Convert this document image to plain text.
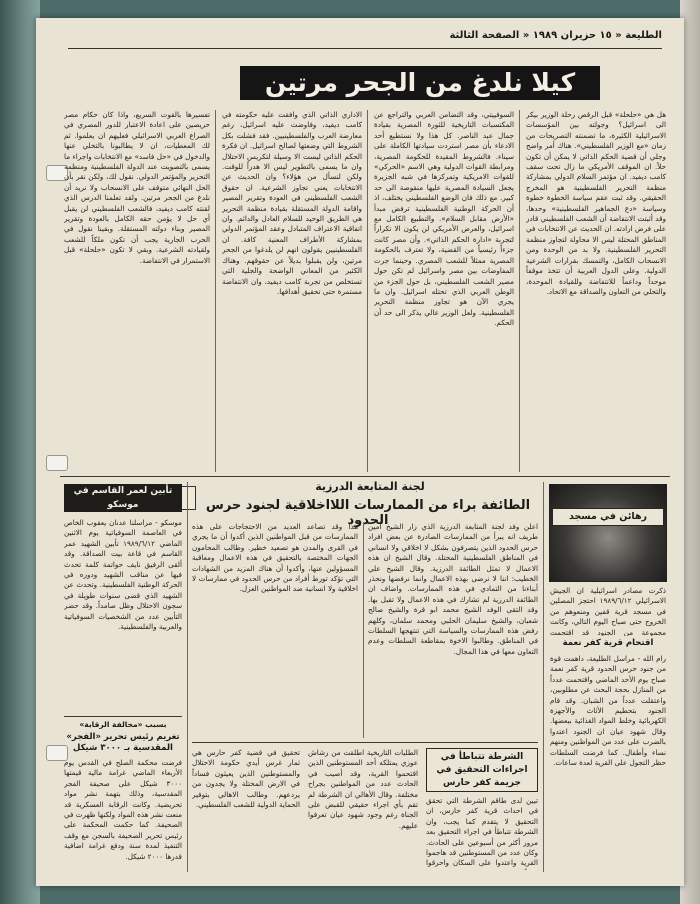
الطليعة « ١٥ حزيران ١٩٨٩ « الصفحة الثالثة
كيلا نلدغ من الجحر مرتين
هل هي «حلحلة» قبل الرقص رحلة الوزير بيكر الى اسرائيل؟ وجولته بين المؤسسات الاسرائيلية الكثيرة، ما تضمنته التصريحات من زمان «مع الوزير الفلسطيني». هناك أمر واضح وجلي أن قضية الحكم الذاتي لا يمكن أن تكون حلاً. ان الموقف الأمريكي ما زال تحت سقف كامب ديفيد. ان مؤتمر السلام الدولي بمشاركة منظمة التحرير الفلسطينية هو المخرج الحقيقي. وقد ثبت عقم سياسة الخطوة خطوة وسياسة «دع الجماهير الفلسطينية» وحدها، وقد أثبتت الانتفاضة أن الشعب الفلسطيني قادر على فرض ارادته. ان الحديث عن الانتخابات في المناطق المحتلة ليس الا محاولة لتجاوز منظمة التحرير الفلسطينية. ولا بد من الوحدة ومن الانسحاب الكامل، والتمسك بقرارات الشرعية الدولية. وعلى الدول العربية أن تتخذ موقفاً موحداً وداعماً للانتفاضة وللقيادة الموحدة، والتحلي من التعاون والصداقة مع الاتحاد.
السوفييتي، وقد التضامن العربي والتراجع عن المكتسبات التاريخية للثورة المصرية بقيادة جمال عبد الناصر. كل هذا ولا نستطيع أحد الادعاء بأن مصر استردت سيادتها الكاملة على سيناء. فالشروط المقيدة للحكومة المصرية، ومرابطة القوات الدولية وهي الاسم «الحركي» للقوات الامريكية وتمركزها في شبه الجزيرة يجعل السيادة المصرية عليها منقوصة الى حد كبير. مع ذلك فان الوضع الفلسطيني يختلف، اذ أن الحركة الوطنية الفلسطينية ترفض مبدأ «الأرض مقابل السلام». والتطبيع الكامل مع اسرائيل، والعرض الأمريكي لن يكون الا تكراراً لتجربة «ادارة الحكم الذاتي». وأن مصر كانت جزءاً رئيسياً من القضية، ولا تعترف بالحكومة المصرية ممثلاً للشعب المصري. وحينما جرت المفاوضات بين مصر واسرائيل لم تكن حول مصير الشعب الفلسطيني، بل حول الجزء من الوطن العربي الذي تحتله اسرائيل. وان ما يجري الآن هو تجاوز منظمة التحرير الفلسطينية. ولعل الوزير غالي يذكر الى حد أن الحكم.
الاداري الذاتي الذي وافقت عليه حكومته في كامب ديفيد، وفاوضت عليه اسرائيل، رغم معارضة العرب والفلسطينيين. فقد فشلت بكل الشروط التي وضعتها لصالح اسرائيل. ان فكرة الحكم الذاتي ليست الا وسيلة لتكريس الاحتلال وان ما يسمى بالتطوير ليس الا هدراً للوقت. ولكن لنسأل من هؤلاء؟ وان الحديث عن الانتخابات يعني تجاوز الشرعية. ان حقوق الشعب الفلسطيني في العودة وتقرير المصير واقامة الدولة المستقلة بقيادة منظمة التحرير هي الطريق الوحيد للسلام العادل والدائم. وان اتفاقية الاعتراف المتبادل وعقد المؤتمر الدولي بمشاركة الأطراف المعنية كافة. ان الفلسطينيين يقولون انهم لن يلدغوا من الجحر مرتين، ولن يقبلوا بديلاً عن حقوقهم. وهناك الكثير من المعاني الواضحة والجلية التي تستخلص من تجربة كامب ديفيد، وان الانتفاضة مستمرة حتى تحقيق أهدافها.
تفسيرها بالقوت السريع، واذا كان حكام مصر حريصين على اعادة الاعتبار للدور المصري في الصراع العربي الاسرائيلي فعليهم ان يعلموا. ثم لك المعطيات، ان لا يطالبونا بالتخلي عنها والدخول في «حل فاسد» مع الانتخابات واجراء ما يسمى بالتصويت عند الدولة الفلسطينية ومنظمة التحرير والمؤتمر الدولي. نقول لك، ولكن نقر بأن الحل النهائي متوقف على الانسحاب ولا نريد أن نلدغ من الجحر مرتين. ولقد تعلمنا الدرس الذي لقنته كامب ديفيد، فالشعب الفلسطيني لن يقبل أي حل لا يؤمن حقه الكامل بالعودة وتقرير المصير وبناء دولته المستقلة. وبقينا نقول في الحرب الجارية يجب أن تكون ملكاً للشعب ولقيادته الشرعية. وبقي لا تكون «حلحلة» قبل الاستمرار في الانتفاضة.
رهائن في مسجد
ذكرت مصادر اسرائيلية ان الجيش الاسرائيلي ١٩٨٩/٦/١٢ احتجز المصلين في مسجد قرية قفين ومنعوهم من الخروج حتى صباح اليوم التالي، وكانت مجموعة من الجنود قد اقتحمت
اقتحام قرية كفر نعمة
رام الله - مراسل الطليعة، داهمت قوة من جنود حرس الحدود قرية كفر نعمة صباح يوم الأحد الماضي واقتحمت عدداً من المنازل بحجة البحث عن مطلوبين، واعتقلت عدداً من الشبان. وقد قام الجنود بتحطيم الأثاث والأجهزة الكهربائية وخلط المواد الغذائية ببعضها. وقال شهود عيان ان الجنود اعتدوا بالضرب على عدد من المواطنين ومنهم نساء وأطفال. كما فرضت السلطات حظر التجول على القرية لعدة ساعات.
لجنة المتابعة الدرزية
الطائفة براء من الممارسات اللااخلاقية لجنود حرس الحدود
اعلن وفد لجنة المتابعة الدرزية الذي زار الشيخ امين طريف انه يبرأ من الممارسات الصادرة عن بعض افراد حرس الحدود الذين يتصرفون بشكل لا اخلاقي ولا انساني في المناطق الفلسطينية المحتلة. وقال الشيخ ان هذه الاعمال لا تمثل الطائفة الدرزية. وقال الشيخ علي الخطيب: اننا لا نرضى بهذه الاعمال وانما نرفضها ونحذر أبناءنا من التمادي في هذه الممارسات. واضاف ان الطائفة الدرزية لم تشارك في هذه الاعمال ولا تقبل بها. وقد التقى الوفد الشيخ محمد ابو قرة والشيخ صالح شعبان، والشيخ سليمان الحلبي ومحمد سلمان، وكلهم رفض هذه الممارسات والسياسة التي تنتهجها السلطات في المناطق. وطالبوا الاخوة بمقاطعة السلطات وعدم التعاون معها في هذا المجال.
هذا وقد تصاعد العديد من الاحتجاجات على هذه الممارسات من قبل المواطنين الذين أكدوا أن ما يجري في القرى والمدن هو تصعيد خطير. وطالب المحامون الجهات المختصة بالتحقيق في هذه الاعمال ومعاقبة المسؤولين عنها، وأكدوا أن هناك المزيد من الشهادات التي تؤكد تورط أفراد من حرس الحدود في ممارسات لا اخلاقية ولا انسانية ضد المواطنين العزل.
تأبين لعمر القاسم في موسكو
موسكو - مراسلنا عدنان يعقوب الخاص في العاصمة السوفياتية يوم الاثنين الماضي ١٩٨٩/٦/١٢ تأبين الشهيد عمر القاسم في قاعة بيت الصداقة. وقد ألقى الرفيق نايف حواتمة كلمة تحدث فيها عن مناقب الشهيد ودوره في الحركة الوطنية الفلسطينية. وتحدث عن الشهيد الذي قضى سنوات طويلة في سجون الاحتلال وظل صامداً. وقد حضر التأبين عدد من الشخصيات السوفياتية والعربية والفلسطينية.
بسبب «مخالفة الرقابة»
تغريم رئيس تحرير «الفجر» المقدسية بـ ٣٠٠٠ شيكل
فرضت محكمة الصلح في القدس يوم الأربعاء الماضي غرامة مالية قيمتها ٣٠٠٠ شيكل على صحيفة الفجر المقدسية، وذلك بتهمة نشر مواد تحريضية. وكانت الرقابة العسكرية قد منعت نشر هذه المواد ولكنها ظهرت في الصحيفة. كما حكمت المحكمة على رئيس تحرير الصحيفة بالسجن مع وقف التنفيذ لمدة سنة ودفع غرامة اضافية قدرها ٢٠٠٠ شيكل.
الشرطة تتباطأ في اجراءات التحقيق في جريمة كفر حارس
تبين لدى طاقم الشرطة التي تحقق في احداث قرية كفر حارس، ان التحقيق لا يتقدم كما يجب، وان الشرطة تتباطأ في اجراء التحقيق بعد مرور أكثر من أسبوعين على الحادث. وكان عدد من المستوطنين قد هاجموا القرية واعتدوا على السكان واحرقوا
الطلبات التاريخية اطلقت من رشاش عوزي يمتلكه أحد المستوطنين الذين اقتحموا القرية، وقد أصيب في الحادث عدد من المواطنين بجراح مختلفة. وقال الأهالي ان الشرطة لم تقم بأي اجراء حقيقي للقبض على الجناة رغم وجود شهود عيان تعرفوا عليهم.
تحقيق في قضية كفر حارس هي ثمار غرس أيدي حكومة الاحتلال والمستوطنين الذين يعيثون فساداً في الارض المحتلة ولا يجدون من يردعهم. وطالب الاهالي بتوفير الحماية الدولية للشعب الفلسطيني.
